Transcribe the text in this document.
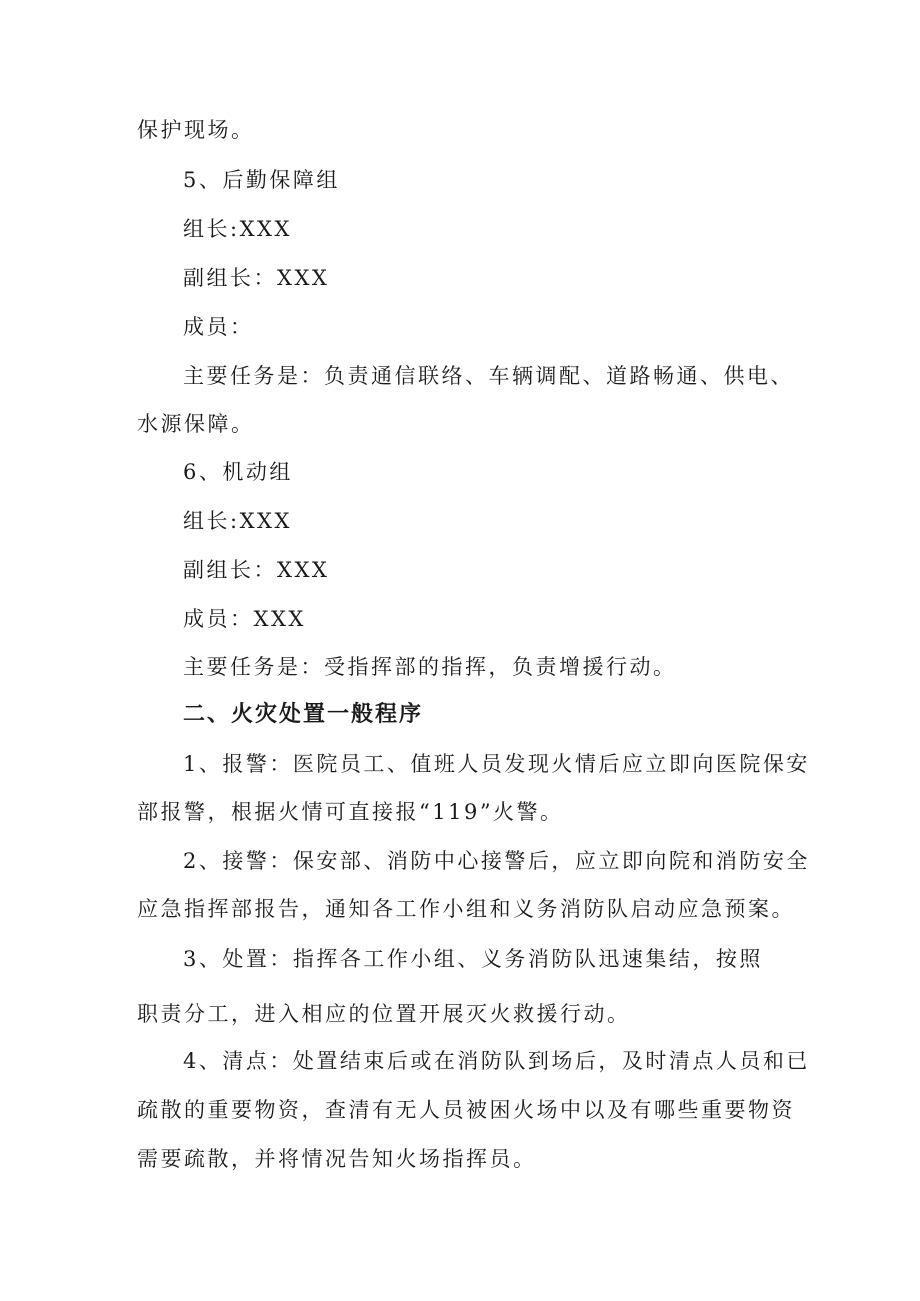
保护现场。
5、后勤保障组
组长:XXX
副组长：XXX
成员：
主要任务是：负责通信联络、车辆调配、道路畅通、供电、
水源保障。
6、机动组
组长:XXX
副组长：XXX
成员：XXX
主要任务是：受指挥部的指挥，负责增援行动。
二、火灾处置一般程序
1、报警：医院员工、值班人员发现火情后应立即向医院保安
部报警，根据火情可直接报“119”火警。
2、接警：保安部、消防中心接警后，应立即向院和消防安全
应急指挥部报告，通知各工作小组和义务消防队启动应急预案。
3、处置：指挥各工作小组、义务消防队迅速集结，按照
职责分工，进入相应的位置开展灭火救援行动。
4、清点：处置结束后或在消防队到场后，及时清点人员和已
疏散的重要物资，查清有无人员被困火场中以及有哪些重要物资
需要疏散，并将情况告知火场指挥员。
